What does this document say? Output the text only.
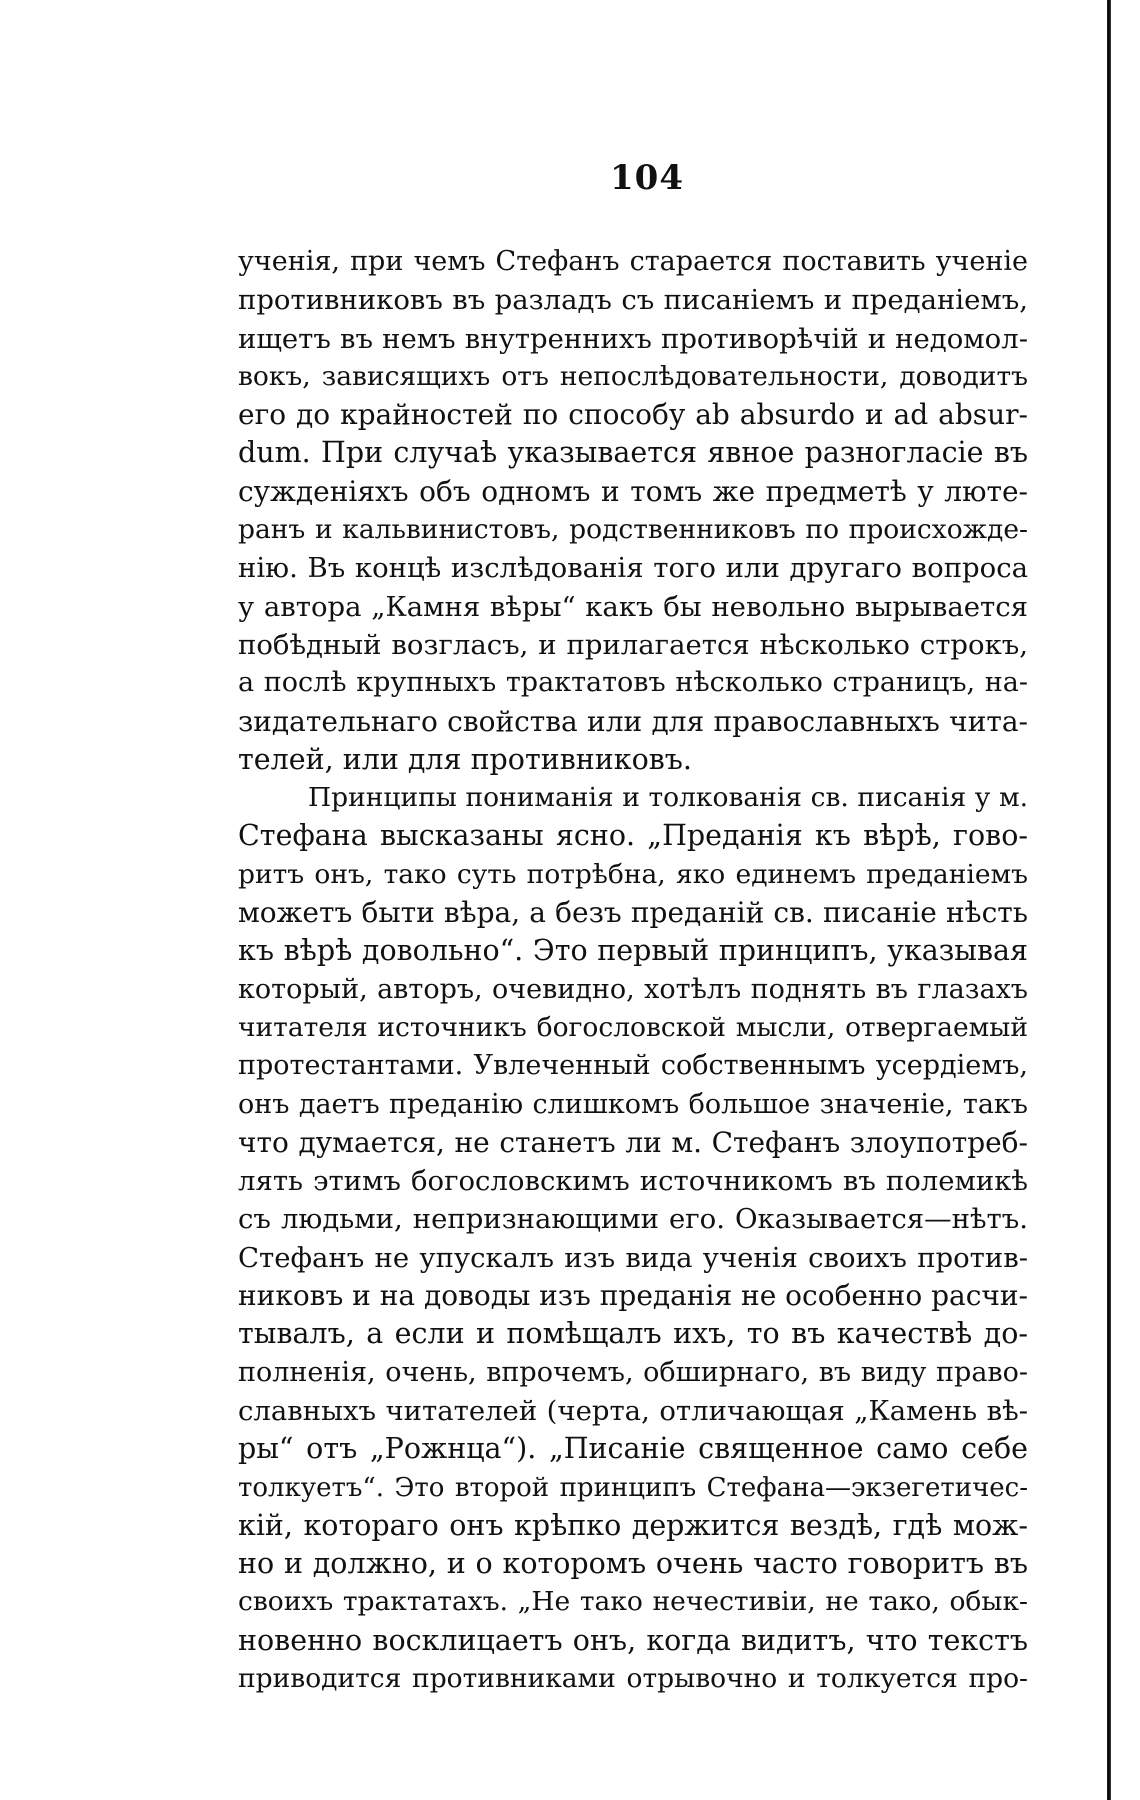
104
ученія, при чемъ Стефанъ старается поставить ученіе
противниковъ въ разладъ съ писаніемъ и преданіемъ,
ищетъ въ немъ внутреннихъ противорѣчій и недомол-
вокъ, зависящихъ отъ непослѣдовательности, доводитъ
его до крайностей по способу ab absurdo и ad absur-
dum. При случаѣ указывается явное разногласіе въ
сужденіяхъ объ одномъ и томъ же предметѣ у люте-
ранъ и кальвинистовъ, родственниковъ по происхожде-
нію. Въ концѣ изслѣдованія того или другаго вопроса
у автора „Камня вѣры“ какъ бы невольно вырывается
побѣдный возгласъ, и прилагается нѣсколько строкъ,
а послѣ крупныхъ трактатовъ нѣсколько страницъ, на-
зидательнаго свойства или для православныхъ чита-
телей, или для противниковъ.
Принципы пониманія и толкованія св. писанія у м.
Стефана высказаны ясно. „Преданія къ вѣрѣ, гово-
ритъ онъ, тако суть потрѣбна, яко единемъ преданіемъ
можетъ быти вѣра, а безъ преданій св. писаніе нѣсть
къ вѣрѣ довольно“. Это первый принципъ, указывая
который, авторъ, очевидно, хотѣлъ поднять въ глазахъ
читателя источникъ богословской мысли, отвергаемый
протестантами. Увлеченный собственнымъ усердіемъ,
онъ даетъ преданію слишкомъ большое значеніе, такъ
что думается, не станетъ ли м. Стефанъ злоупотреб-
лять этимъ богословскимъ источникомъ въ полемикѣ
съ людьми, непризнающими его. Оказывается—нѣтъ.
Стефанъ не упускалъ изъ вида ученія своихъ против-
никовъ и на доводы изъ преданія не особенно расчи-
тывалъ, а если и помѣщалъ ихъ, то въ качествѣ до-
полненія, очень, впрочемъ, обширнаго, въ виду право-
славныхъ читателей (черта, отличающая „Камень вѣ-
ры“ отъ „Рожнца“). „Писаніе священное само себе
толкуетъ“. Это второй принципъ Стефана—экзегетичес-
кій, котораго онъ крѣпко держится вездѣ, гдѣ мож-
но и должно, и о которомъ очень часто говоритъ въ
своихъ трактатахъ. „Не тако нечестивіи, не тако, обык-
новенно восклицаетъ онъ, когда видитъ, что текстъ
приводится противниками отрывочно и толкуется про-
